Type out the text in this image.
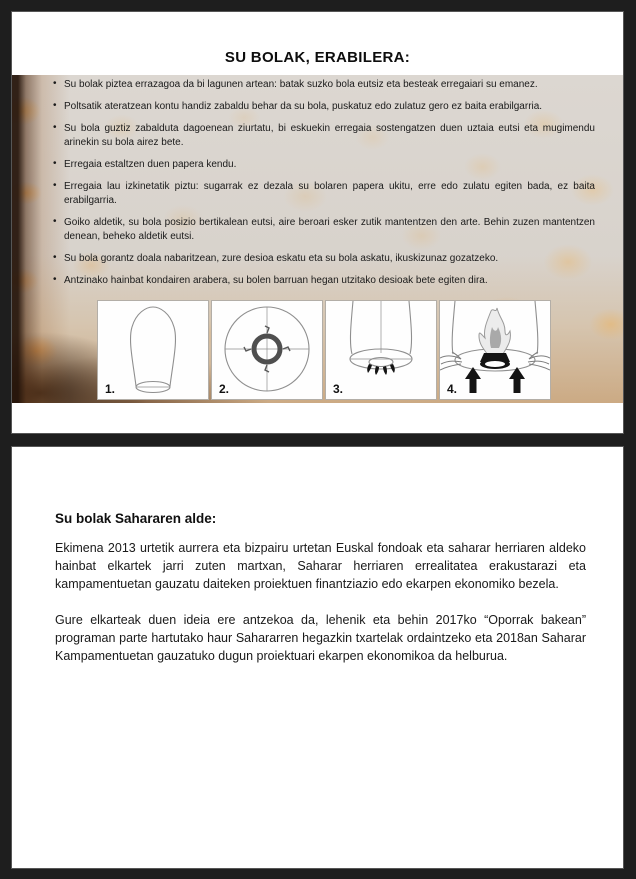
SU BOLAK, ERABILERA:
• Su bolak piztea errazagoa da bi lagunen artean: batak suzko bola eutsiz eta besteak erregaiari su emanez.
• Poltsatik ateratzean kontu handiz zabaldu behar da su bola, puskatuz edo zulatuz gero ez baita erabilgarria.
• Su bola guztiz zabalduta dagoenean ziurtatu, bi eskuekin erregaia sostengatzen duen uztaia eutsi eta mugimendu arinekin su bola airez bete.
• Erregaia estaltzen duen papera kendu.
• Erregaia lau izkinetatik piztu: sugarrak ez dezala su bolaren papera ukitu, erre edo zulatu egiten bada, ez baita erabilgarria.
• Goiko aldetik, su bola posizio bertikalean eutsi, aire beroari esker zutik mantentzen den arte. Behin zuzen mantentzen denean, beheko aldetik eutsi.
• Su bola gorantz doala nabaritzean, zure desioa eskatu eta su bola askatu, ikuskizunaz gozatzeko.
• Antzinako hainbat kondairen arabera, su bolen barruan hegan utzitako desioak bete egiten dira.
1.	2.	3.	4.
Su bolak Sahararen alde:

Ekimena 2013 urtetik aurrera eta bizpairu urtetan Euskal fondoak eta saharar herriaren aldeko hainbat elkartek jarri zuten martxan, Saharar herriaren errealitatea erakustarazi eta kampamentuetan gauzatu daiteken proiektuen finantziazio edo ekarpen ekonomiko bezela.

Gure elkarteak duen ideia ere antzekoa da, lehenik eta behin 2017ko “Oporrak bakean” programan parte hartutako haur Sahararren hegazkin txartelak ordaintzeko eta 2018an Saharar Kampamentuetan gauzatuko dugun proiektuari ekarpen ekonomikoa da helburua.
